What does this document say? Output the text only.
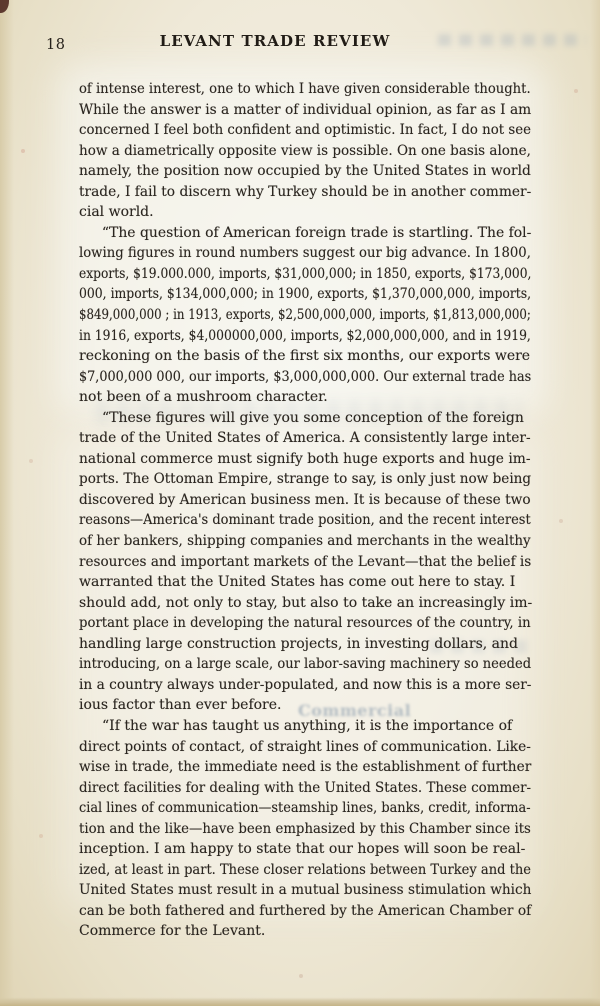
Commercial
18	LEVANT TRADE REVIEW
of intense interest, one to which I have given considerable thought.
While the answer is a matter of individual opinion, as far as I am
concerned I feel both confident and optimistic. In fact, I do not see
how a diametrically opposite view is possible. On one basis alone,
namely, the position now occupied by the United States in world
trade, I fail to discern why Turkey should be in another commer-
cial world.
“The question of American foreign trade is startling. The fol-
lowing figures in round numbers suggest our big advance. In 1800,
exports, $19.000.000, imports, $31,000,000; in 1850, exports, $173,000,
000, imports, $134,000,000; in 1900, exports, $1,370,000,000, imports,
$849,000,000 ; in 1913, exports, $2,500,000,000, imports, $1,813,000,000;
in 1916, exports, $4,000000,000, imports, $2,000,000,000, and in 1919,
reckoning on the basis of the first six months, our exports were
$7,000,000 000, our imports, $3,000,000,000. Our external trade has
not been of a mushroom character.
“These figures will give you some conception of the foreign
trade of the United States of America. A consistently large inter-
national commerce must signify both huge exports and huge im-
ports. The Ottoman Empire, strange to say, is only just now being
discovered by American business men. It is because of these two
reasons—America's dominant trade position, and the recent interest
of her bankers, shipping companies and merchants in the wealthy
resources and important markets of the Levant—that the belief is
warranted that the United States has come out here to stay. I
should add, not only to stay, but also to take an increasingly im-
portant place in developing the natural resources of the country, in
handling large construction projects, in investing dollars, and
introducing, on a large scale, our labor-saving machinery so needed
in a country always under-populated, and now this is a more ser-
ious factor than ever before.
“If the war has taught us anything, it is the importance of
direct points of contact, of straight lines of communication. Like-
wise in trade, the immediate need is the establishment of further
direct facilities for dealing with the United States. These commer-
cial lines of communication—steamship lines, banks, credit, informa-
tion and the like—have been emphasized by this Chamber since its
inception. I am happy to state that our hopes will soon be real-
ized, at least in part. These closer relations between Turkey and the
United States must result in a mutual business stimulation which
can be both fathered and furthered by the American Chamber of
Commerce for the Levant.
